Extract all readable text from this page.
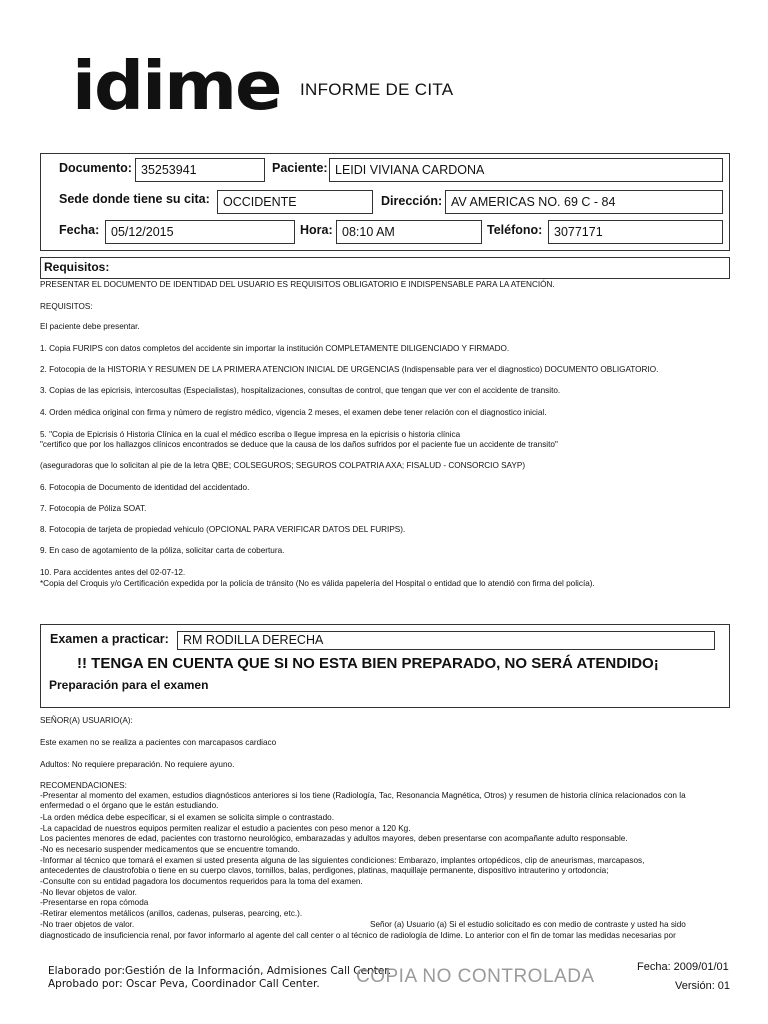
idime INFORME DE CITA
Documento: 35253941	Paciente: LEIDI VIVIANA CARDONA
Sede donde tiene su cita:	OCCIDENTE	Dirección: AV AMERICAS NO. 69 C - 84
Fecha: 05/12/2015	Hora: 08:10 AM	Teléfono: 3077171
Requisitos:
PRESENTAR EL DOCUMENTO DE IDENTIDAD DEL USUARIO ES REQUISITOS OBLIGATORIO E INDISPENSABLE PARA LA ATENCIÓN.
REQUISITOS:
El paciente debe presentar.
1. Copia FURIPS con datos completos del accidente sin importar la institución COMPLETAMENTE DILIGENCIADO Y FIRMADO.
2. Fotocopia de la HISTORIA Y RESUMEN DE LA PRIMERA ATENCION INICIAL DE URGENCIAS (Indispensable para ver el diagnostico) DOCUMENTO OBLIGATORIO.
3. Copias de las epicrisis, intercosultas (Especialistas), hospitalizaciones, consultas de control, que tengan que ver con el accidente de transito.
4. Orden médica original con firma y número de registro médico, vigencia 2 meses, el examen debe tener relación con el diagnostico inicial.
5. "Copia de Epicrisis ó Historia Clínica en la cual el médico escriba o llegue impresa en la epicrisis o historia clínica
"certifico que por los hallazgos clínicos encontrados se deduce que la causa de los daños sufridos por el paciente fue un accidente de transito"
(aseguradoras que lo solicitan al pie de la letra QBE; COLSEGUROS; SEGUROS COLPATRIA AXA; FISALUD - CONSORCIO SAYP)
6. Fotocopia de Documento de identidad del accidentado.
7. Fotocopia de Póliza SOAT.
8. Fotocopia de tarjeta de propiedad vehiculo (OPCIONAL PARA VERIFICAR DATOS DEL FURIPS).
9. En caso de agotamiento de la póliza, solicitar carta de cobertura.
10. Para accidentes antes del 02-07-12.
*Copia del Croquis y/o Certificación expedida por la policía de tránsito (No es válida papelería del Hospital o entidad que lo atendió con firma del policía).
Examen a practicar:	RM RODILLA DERECHA
!! TENGA EN CUENTA QUE SI NO ESTA BIEN PREPARADO, NO SERÁ ATENDIDO¡
Preparación para el examen
SEÑOR(A) USUARIO(A):
Este examen no se realiza a pacientes con marcapasos cardiaco
Adultos: No requiere preparación. No requiere ayuno.
RECOMENDACIONES:
-Presentar al momento del examen, estudios diagnósticos anteriores si los tiene (Radiología, Tac, Resonancia Magnética, Otros) y resumen de historia clínica relacionados con la
enfermedad o el órgano que le están estudiando.
-La orden médica debe especificar, si el examen se solicita simple o contrastado.
-La capacidad de nuestros equipos permiten realizar el estudio a pacientes con peso menor a 120 Kg.
Los pacientes menores de edad, pacientes con trastorno neurológico, embarazadas y adultos mayores, deben presentarse con acompañante adulto responsable.
-No es necesario suspender medicamentos que se encuentre tomando.
-Informar al técnico que tomará el examen si usted presenta alguna de las siguientes condiciones: Embarazo, implantes ortopédicos, clip de aneurismas, marcapasos,
antecedentes de claustrofobia o tiene en su cuerpo clavos, tornillos, balas, perdigones, platinas, maquillaje permanente, dispositivo intrauterino y ortodoncia;
-Consulte con su entidad pagadora los documentos requeridos para la toma del examen.
-No llevar objetos de valor.
-Presentarse en ropa cómoda
-Retirar elementos metálicos (anillos, cadenas, pulseras, pearcing, etc.).
-No traer objetos de valor.	Señor (a) Usuario (a) Si el estudio solicitado es con medio de contraste y usted ha sido
diagnosticado de insuficiencia renal, por favor informarlo al agente del call center o al técnico de radiología de Idime. Lo anterior con el fin de tomar las medidas necesarias por
Elaborado por:Gestión de la Información, Admisiones Call Center.
Aprobado por: Oscar Peva, Coordinador Call Center. COPIA NO CONTROLADA	Fecha: 2009/01/01
Versión: 01
